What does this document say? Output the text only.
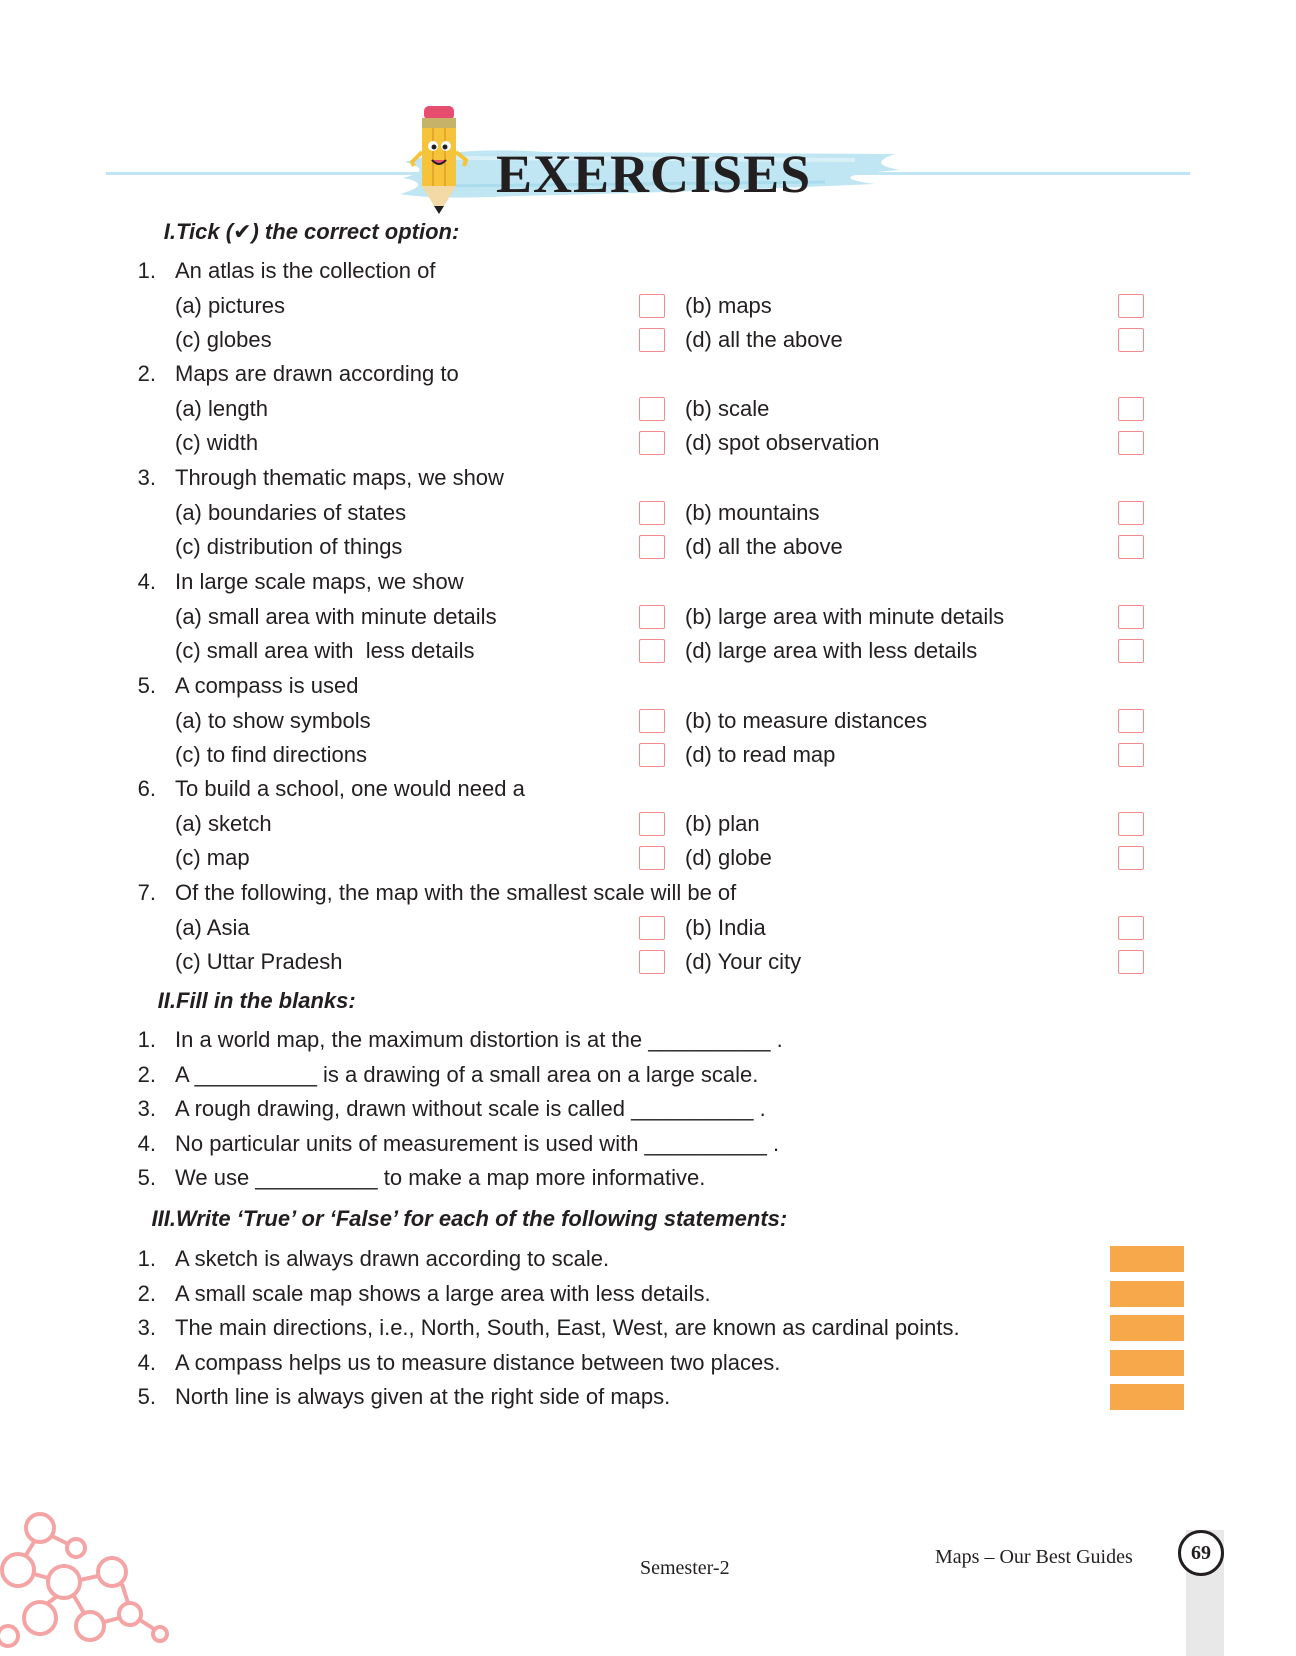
EXERCISES
I. Tick (✔) the correct option:
1. An atlas is the collection of
(a) pictures	(b) maps
(c) globes	(d) all the above
2. Maps are drawn according to
(a) length	(b) scale
(c) width	(d) spot observation
3. Through thematic maps, we show
(a) boundaries of states	(b) mountains
(c) distribution of things	(d) all the above
4. In large scale maps, we show
(a) small area with minute details	(b) large area with minute details
(c) small area with  less details	(d) large area with less details
5. A compass is used
(a) to show symbols	(b) to measure distances
(c) to find directions	(d) to read map
6. To build a school, one would need a
(a) sketch	(b) plan
(c) map	(d) globe
7. Of the following, the map with the smallest scale will be of
(a) Asia	(b) India
(c) Uttar Pradesh	(d) Your city
II. Fill in the blanks:
1. In a world map, the maximum distortion is at the __________ .
2. A __________ is a drawing of a small area on a large scale.
3. A rough drawing, drawn without scale is called __________ .
4. No particular units of measurement is used with __________ .
5. We use __________ to make a map more informative.
III. Write ‘True’ or ‘False’ for each of the following statements:
1. A sketch is always drawn according to scale.
2. A small scale map shows a large area with less details.
3. The main directions, i.e., North, South, East, West, are known as cardinal points.
4. A compass helps us to measure distance between two places.
5. North line is always given at the right side of maps.
Semester-2	Maps – Our Best Guides	69
